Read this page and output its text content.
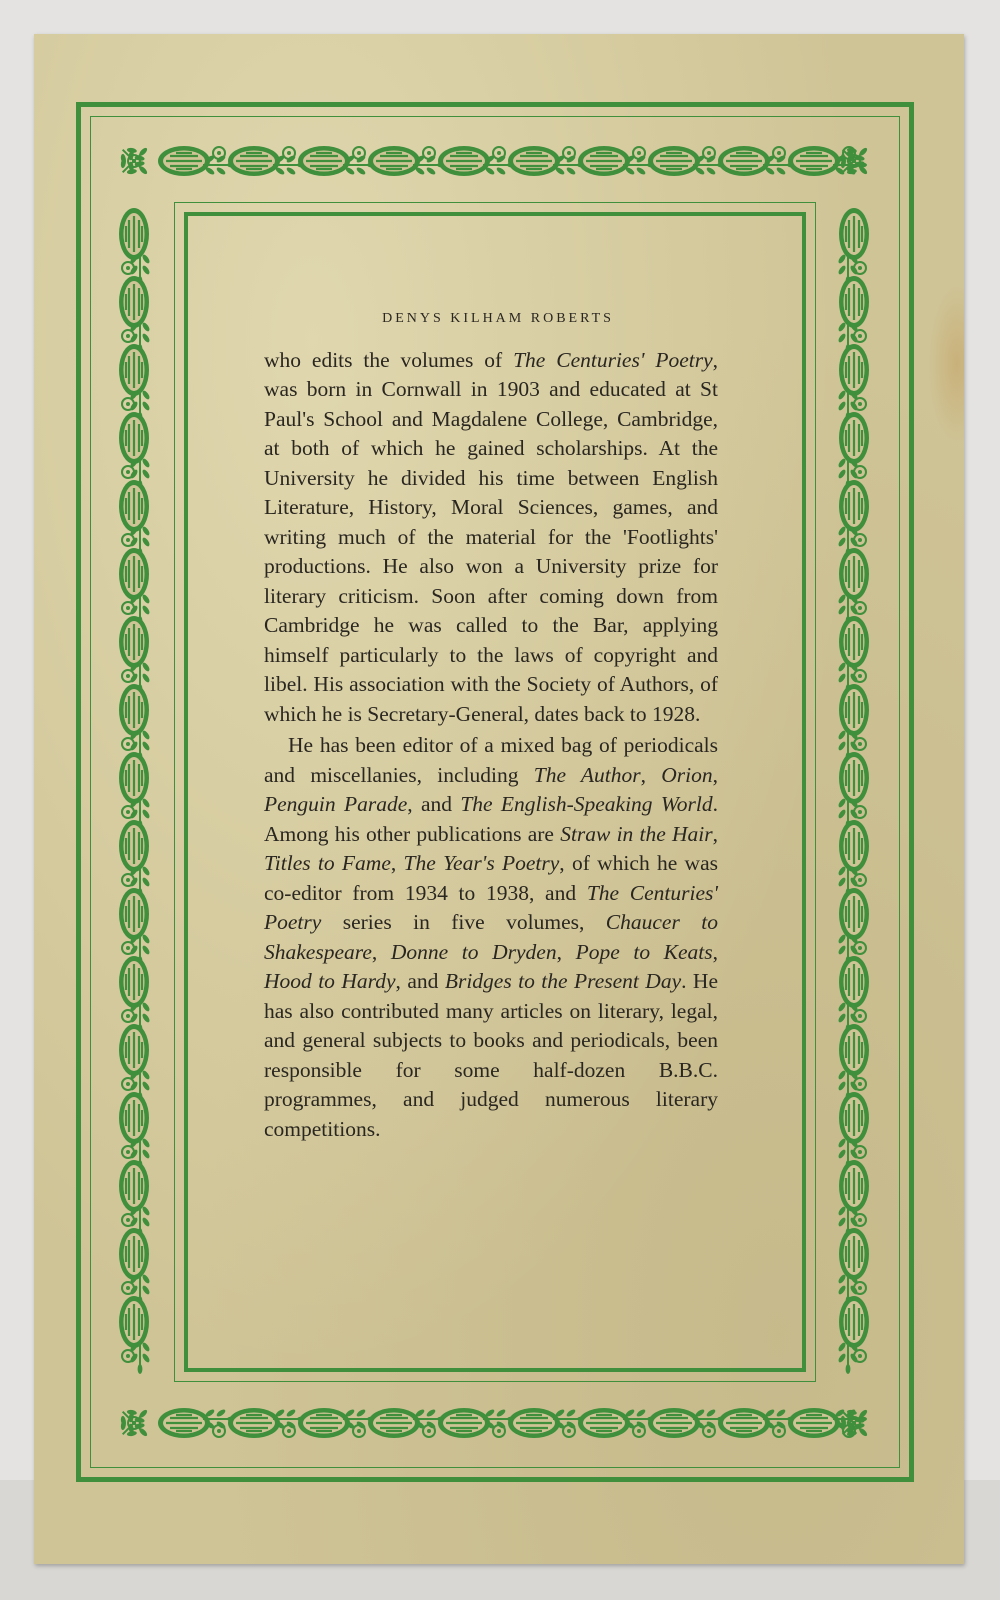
DENYS KILHAM ROBERTS

who edits the volumes of The Centuries' Poetry, was born in Cornwall in 1903 and educated at St Paul's School and Magdalene College, Cambridge, at both of which he gained scholarships. At the University he divided his time between English Literature, History, Moral Sciences, games, and writing much of the material for the 'Footlights' productions. He also won a University prize for literary criticism. Soon after coming down from Cambridge he was called to the Bar, applying himself particularly to the laws of copyright and libel. His association with the Society of Authors, of which he is Secretary-General, dates back to 1928.

He has been editor of a mixed bag of periodicals and miscellanies, including The Author, Orion, Penguin Parade, and The English-Speaking World. Among his other publications are Straw in the Hair, Titles to Fame, The Year's Poetry, of which he was co-editor from 1934 to 1938, and The Centuries' Poetry series in five volumes, Chaucer to Shakespeare, Donne to Dryden, Pope to Keats, Hood to Hardy, and Bridges to the Present Day. He has also contributed many articles on literary, legal, and general subjects to books and periodicals, been responsible for some half-dozen B.B.C. programmes, and judged numerous literary competitions.
